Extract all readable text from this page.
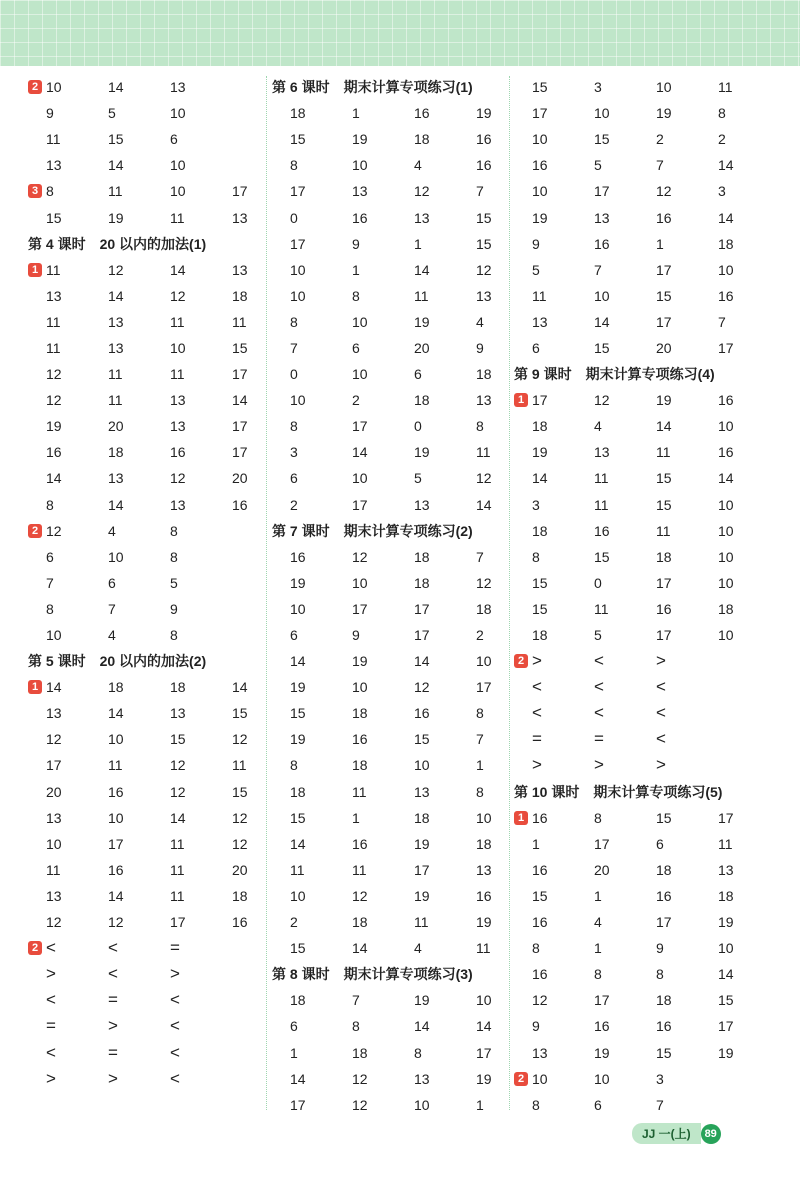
2 10	14	13
9	5	10
11	15	6
13	14	10
3 8	11	10	17
15	19	11	13
第 4 课时 20 以内的加法(1)
1 11	12	14	13
13	14	12	18
11	13	11	11
11	13	10	15
12	11	11	17
12	11	13	14
19	20	13	17
16	18	16	17
14	13	12	20
8	14	13	16
2 12	4	8
6	10	8
7	6	5
8	7	9
10	4	8
第 5 课时 20 以内的加法(2)
1 14	18	18	14
13	14	13	15
12	10	15	12
17	11	12	11
20	16	12	15
13	10	14	12
10	17	11	12
11	16	11	20
13	14	11	18
12	12	17	16
2 <	<	=
>	<	>
<	=	<
=	>	<
<	=	<
>	>	<
第 6 课时 期末计算专项练习(1)
18	1	16	19
15	19	18	16
8	10	4	16
17	13	12	7
0	16	13	15
17	9	1	15
10	1	14	12
10	8	11	13
8	10	19	4
7	6	20	9
0	10	6	18
10	2	18	13
8	17	0	8
3	14	19	11
6	10	5	12
2	17	13	14
第 7 课时 期末计算专项练习(2)
16	12	18	7
19	10	18	12
10	17	17	18
6	9	17	2
14	19	14	10
19	10	12	17
15	18	16	8
19	16	15	7
8	18	10	1
18	11	13	8
15	1	18	10
14	16	19	18
11	11	17	13
10	12	19	16
2	18	11	19
15	14	4	11
第 8 课时 期末计算专项练习(3)
18	7	19	10
6	8	14	14
1	18	8	17
14	12	13	19
17	12	10	1
15	3	10	11
17	10	19	8
10	15	2	2
16	5	7	14
10	17	12	3
19	13	16	14
9	16	1	18
5	7	17	10
11	10	15	16
13	14	17	7
6	15	20	17
第 9 课时 期末计算专项练习(4)
1 17	12	19	16
18	4	14	10
19	13	11	16
14	11	15	14
3	11	15	10
18	16	11	10
8	15	18	10
15	0	17	10
15	11	16	18
18	5	17	10
2 >	<	>
<	<	<
<	<	<
=	=	<
>	>	>
第 10 课时 期末计算专项练习(5)
1 16	8	15	17
1	17	6	11
16	20	18	13
15	1	16	18
16	4	17	19
8	1	9	10
16	8	8	14
12	17	18	15
9	16	16	17
13	19	15	19
2 10	10	3
8	6	7
JJ 一(上)	89
